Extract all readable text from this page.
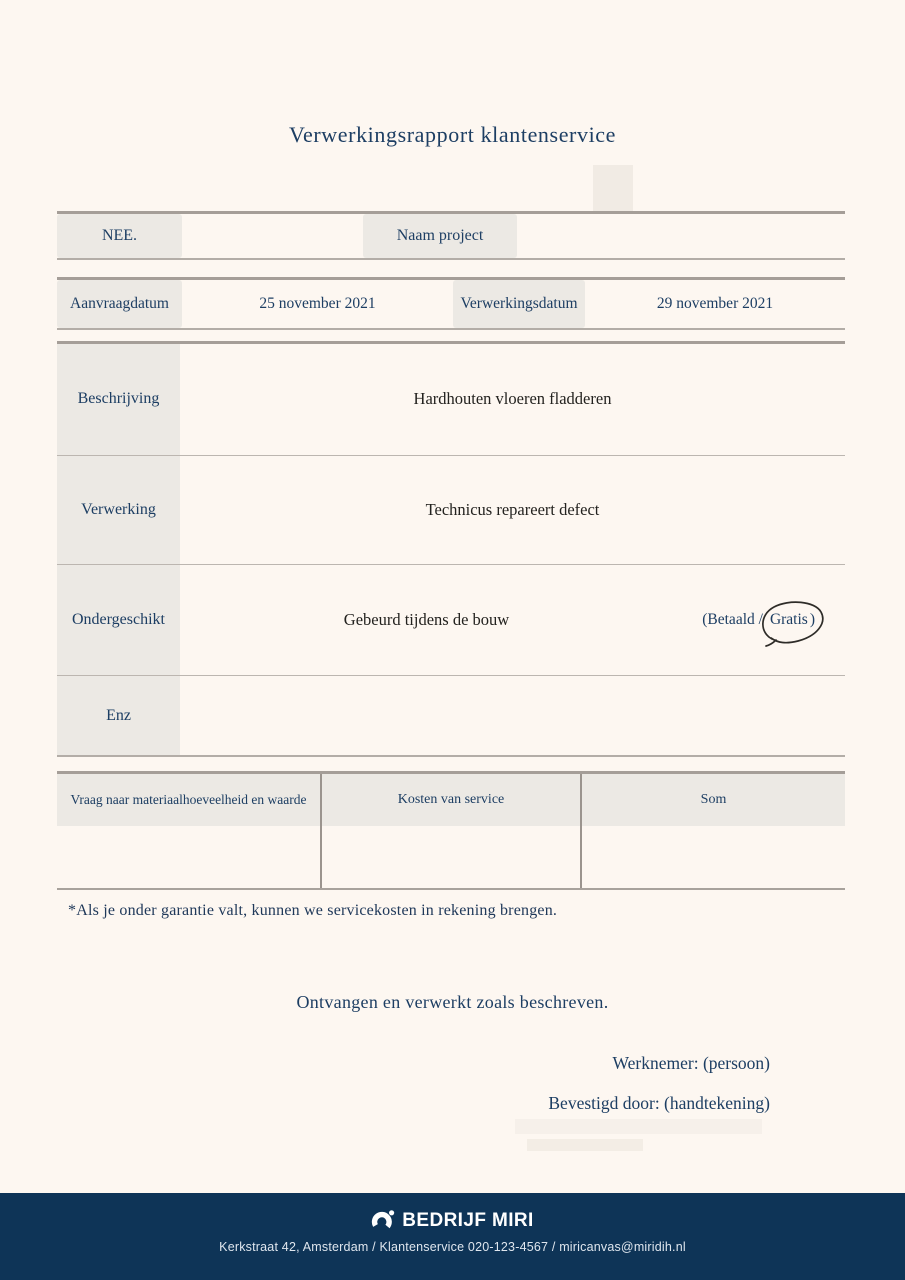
Verwerkingsrapport klantenservice
NEE.	Naam project
Aanvraagdatum	25 november 2021	Verwerkingsdatum	29 november 2021
Beschrijving	Hardhouten vloeren fladderen
Verwerking	Technicus repareert defect
Ondergeschikt	Gebeurd tijdens de bouw	(Betaald / Gratis )
Enz
Vraag naar materiaalhoeveelheid en waarde	Kosten van service	Som
*Als je onder garantie valt, kunnen we servicekosten in rekening brengen.
Ontvangen en verwerkt zoals beschreven.
Werknemer: (persoon)
Bevestigd door: (handtekening)
BEDRIJF MIRI
Kerkstraat 42, Amsterdam / Klantenservice 020-123-4567 / miricanvas@miridih.nl
